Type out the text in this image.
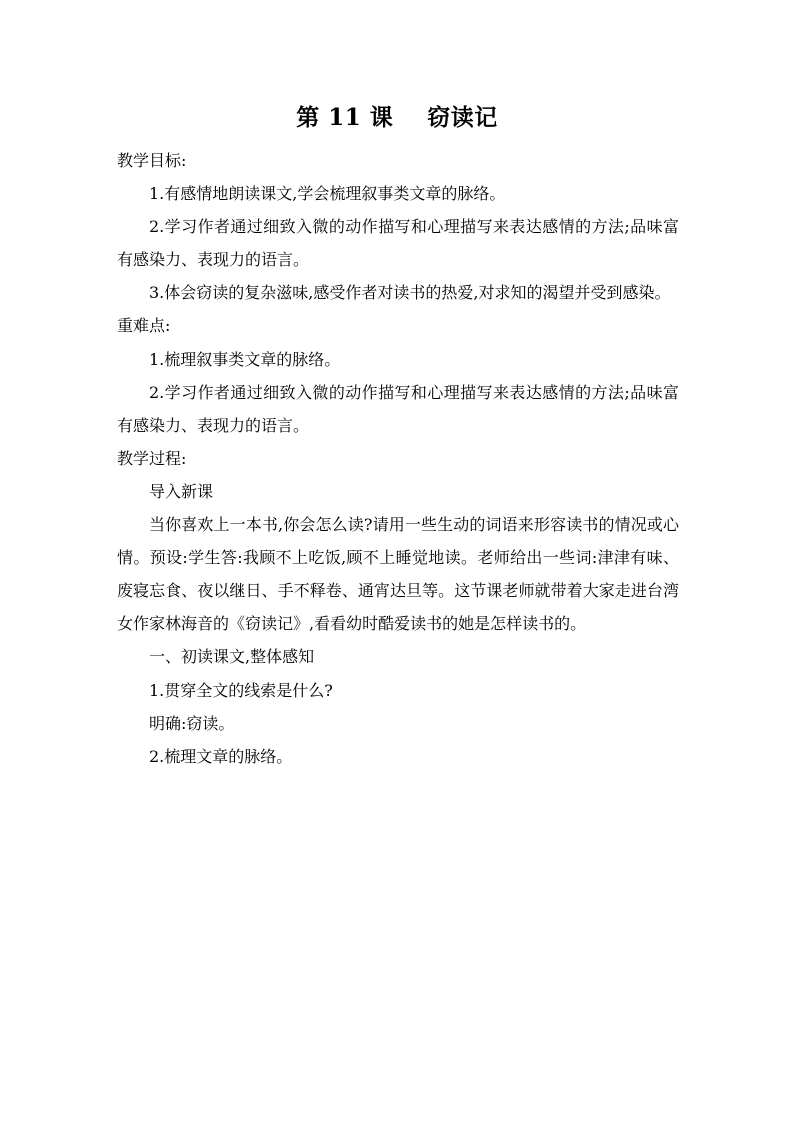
第 11 课    窃读记

教学目标:

1.有感情地朗读课文,学会梳理叙事类文章的脉络。

2.学习作者通过细致入微的动作描写和心理描写来表达感情的方法;品味富有感染力、表现力的语言。

3.体会窃读的复杂滋味,感受作者对读书的热爱,对求知的渴望并受到感染。

重难点:

1.梳理叙事类文章的脉络。

2.学习作者通过细致入微的动作描写和心理描写来表达感情的方法;品味富有感染力、表现力的语言。

教学过程:

导入新课

当你喜欢上一本书,你会怎么读?请用一些生动的词语来形容读书的情况或心情。预设:学生答:我顾不上吃饭,顾不上睡觉地读。老师给出一些词:津津有味、废寝忘食、夜以继日、手不释卷、通宵达旦等。这节课老师就带着大家走进台湾女作家林海音的《窃读记》,看看幼时酷爱读书的她是怎样读书的。

一、初读课文,整体感知

1.贯穿全文的线索是什么?

明确:窃读。

2.梳理文章的脉络。
